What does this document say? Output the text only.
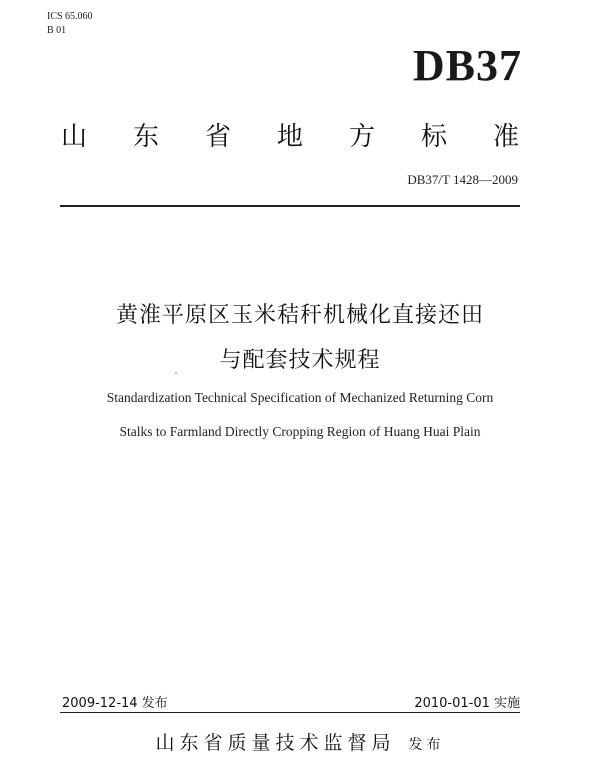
ICS 65.060
B 01
DB37
山 东 省 地 方 标 准
DB37/T 1428—2009
黄淮平原区玉米秸秆机械化直接还田
与配套技术规程
Standardization Technical Specification of Mechanized Returning Corn
Stalks to Farmland Directly Cropping Region of Huang Huai Plain
2009-12-14 发布	2010-01-01 实施
山东省质量技术监督局 发布
